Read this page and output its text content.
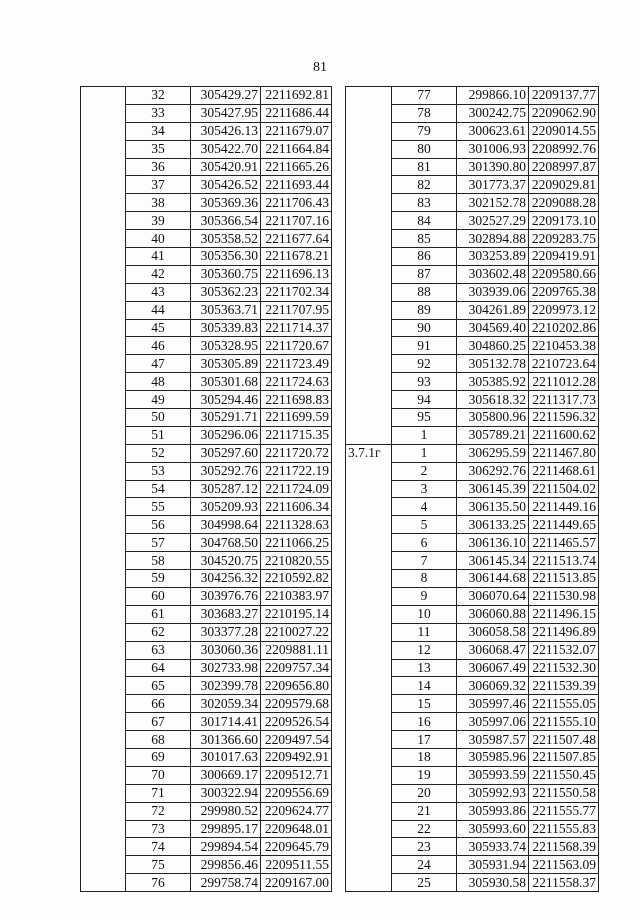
81
	32	305429.27	2211692.81
	33	305427.95	2211686.44
	34	305426.13	2211679.07
	35	305422.70	2211664.84
	36	305420.91	2211665.26
	37	305426.52	2211693.44
	38	305369.36	2211706.43
	39	305366.54	2211707.16
	40	305358.52	2211677.64
	41	305356.30	2211678.21
	42	305360.75	2211696.13
	43	305362.23	2211702.34
	44	305363.71	2211707.95
	45	305339.83	2211714.37
	46	305328.95	2211720.67
	47	305305.89	2211723.49
	48	305301.68	2211724.63
	49	305294.46	2211698.83
	50	305291.71	2211699.59
	51	305296.06	2211715.35
	52	305297.60	2211720.72
	53	305292.76	2211722.19
	54	305287.12	2211724.09
	55	305209.93	2211606.34
	56	304998.64	2211328.63
	57	304768.50	2211066.25
	58	304520.75	2210820.55
	59	304256.32	2210592.82
	60	303976.76	2210383.97
	61	303683.27	2210195.14
	62	303377.28	2210027.22
	63	303060.36	2209881.11
	64	302733.98	2209757.34
	65	302399.78	2209656.80
	66	302059.34	2209579.68
	67	301714.41	2209526.54
	68	301366.60	2209497.54
	69	301017.63	2209492.91
	70	300669.17	2209512.71
	71	300322.94	2209556.69
	72	299980.52	2209624.77
	73	299895.17	2209648.01
	74	299894.54	2209645.79
	75	299856.46	2209511.55
	76	299758.74	2209167.00
	77	299866.10	2209137.77
	78	300242.75	2209062.90
	79	300623.61	2209014.55
	80	301006.93	2208992.76
	81	301390.80	2208997.87
	82	301773.37	2209029.81
	83	302152.78	2209088.28
	84	302527.29	2209173.10
	85	302894.88	2209283.75
	86	303253.89	2209419.91
	87	303602.48	2209580.66
	88	303939.06	2209765.38
	89	304261.89	2209973.12
	90	304569.40	2210202.86
	91	304860.25	2210453.38
	92	305132.78	2210723.64
	93	305385.92	2211012.28
	94	305618.32	2211317.73
	95	305800.96	2211596.32
	1	305789.21	2211600.62
3.7.1г	1	306295.59	2211467.80
	2	306292.76	2211468.61
	3	306145.39	2211504.02
	4	306135.50	2211449.16
	5	306133.25	2211449.65
	6	306136.10	2211465.57
	7	306145.34	2211513.74
	8	306144.68	2211513.85
	9	306070.64	2211530.98
	10	306060.88	2211496.15
	11	306058.58	2211496.89
	12	306068.47	2211532.07
	13	306067.49	2211532.30
	14	306069.32	2211539.39
	15	305997.46	2211555.05
	16	305997.06	2211555.10
	17	305987.57	2211507.48
	18	305985.96	2211507.85
	19	305993.59	2211550.45
	20	305992.93	2211550.58
	21	305993.86	2211555.77
	22	305993.60	2211555.83
	23	305933.74	2211568.39
	24	305931.94	2211563.09
	25	305930.58	2211558.37
